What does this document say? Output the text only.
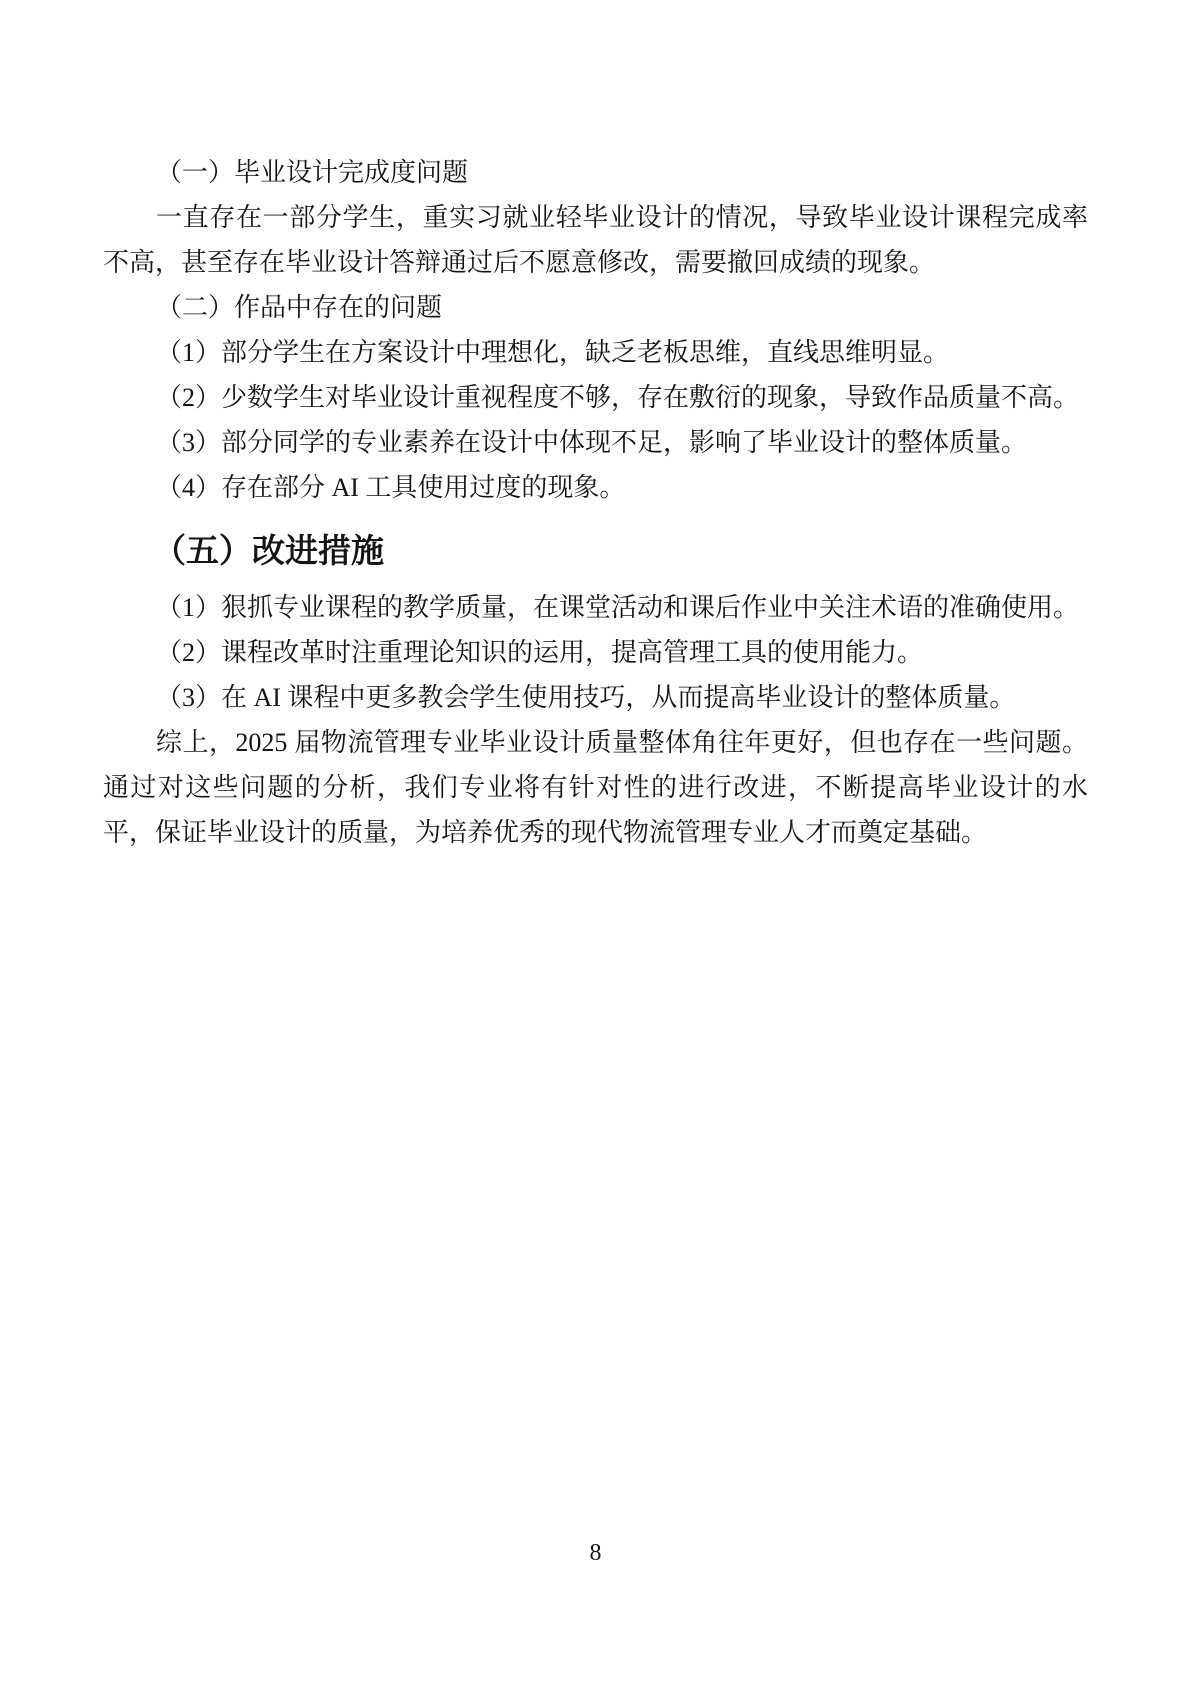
（一）毕业设计完成度问题

一直存在一部分学生，重实习就业轻毕业设计的情况，导致毕业设计课程完成率不高，甚至存在毕业设计答辩通过后不愿意修改，需要撤回成绩的现象。

（二）作品中存在的问题

（1）部分学生在方案设计中理想化，缺乏老板思维，直线思维明显。

（2）少数学生对毕业设计重视程度不够，存在敷衍的现象，导致作品质量不高。

（3）部分同学的专业素养在设计中体现不足，影响了毕业设计的整体质量。

（4）存在部分 AI 工具使用过度的现象。

（五）改进措施

（1）狠抓专业课程的教学质量，在课堂活动和课后作业中关注术语的准确使用。

（2）课程改革时注重理论知识的运用，提高管理工具的使用能力。

（3）在 AI 课程中更多教会学生使用技巧，从而提高毕业设计的整体质量。

综上，2025 届物流管理专业毕业设计质量整体角往年更好，但也存在一些问题。通过对这些问题的分析，我们专业将有针对性的进行改进，不断提高毕业设计的水平，保证毕业设计的质量，为培养优秀的现代物流管理专业人才而奠定基础。

8
